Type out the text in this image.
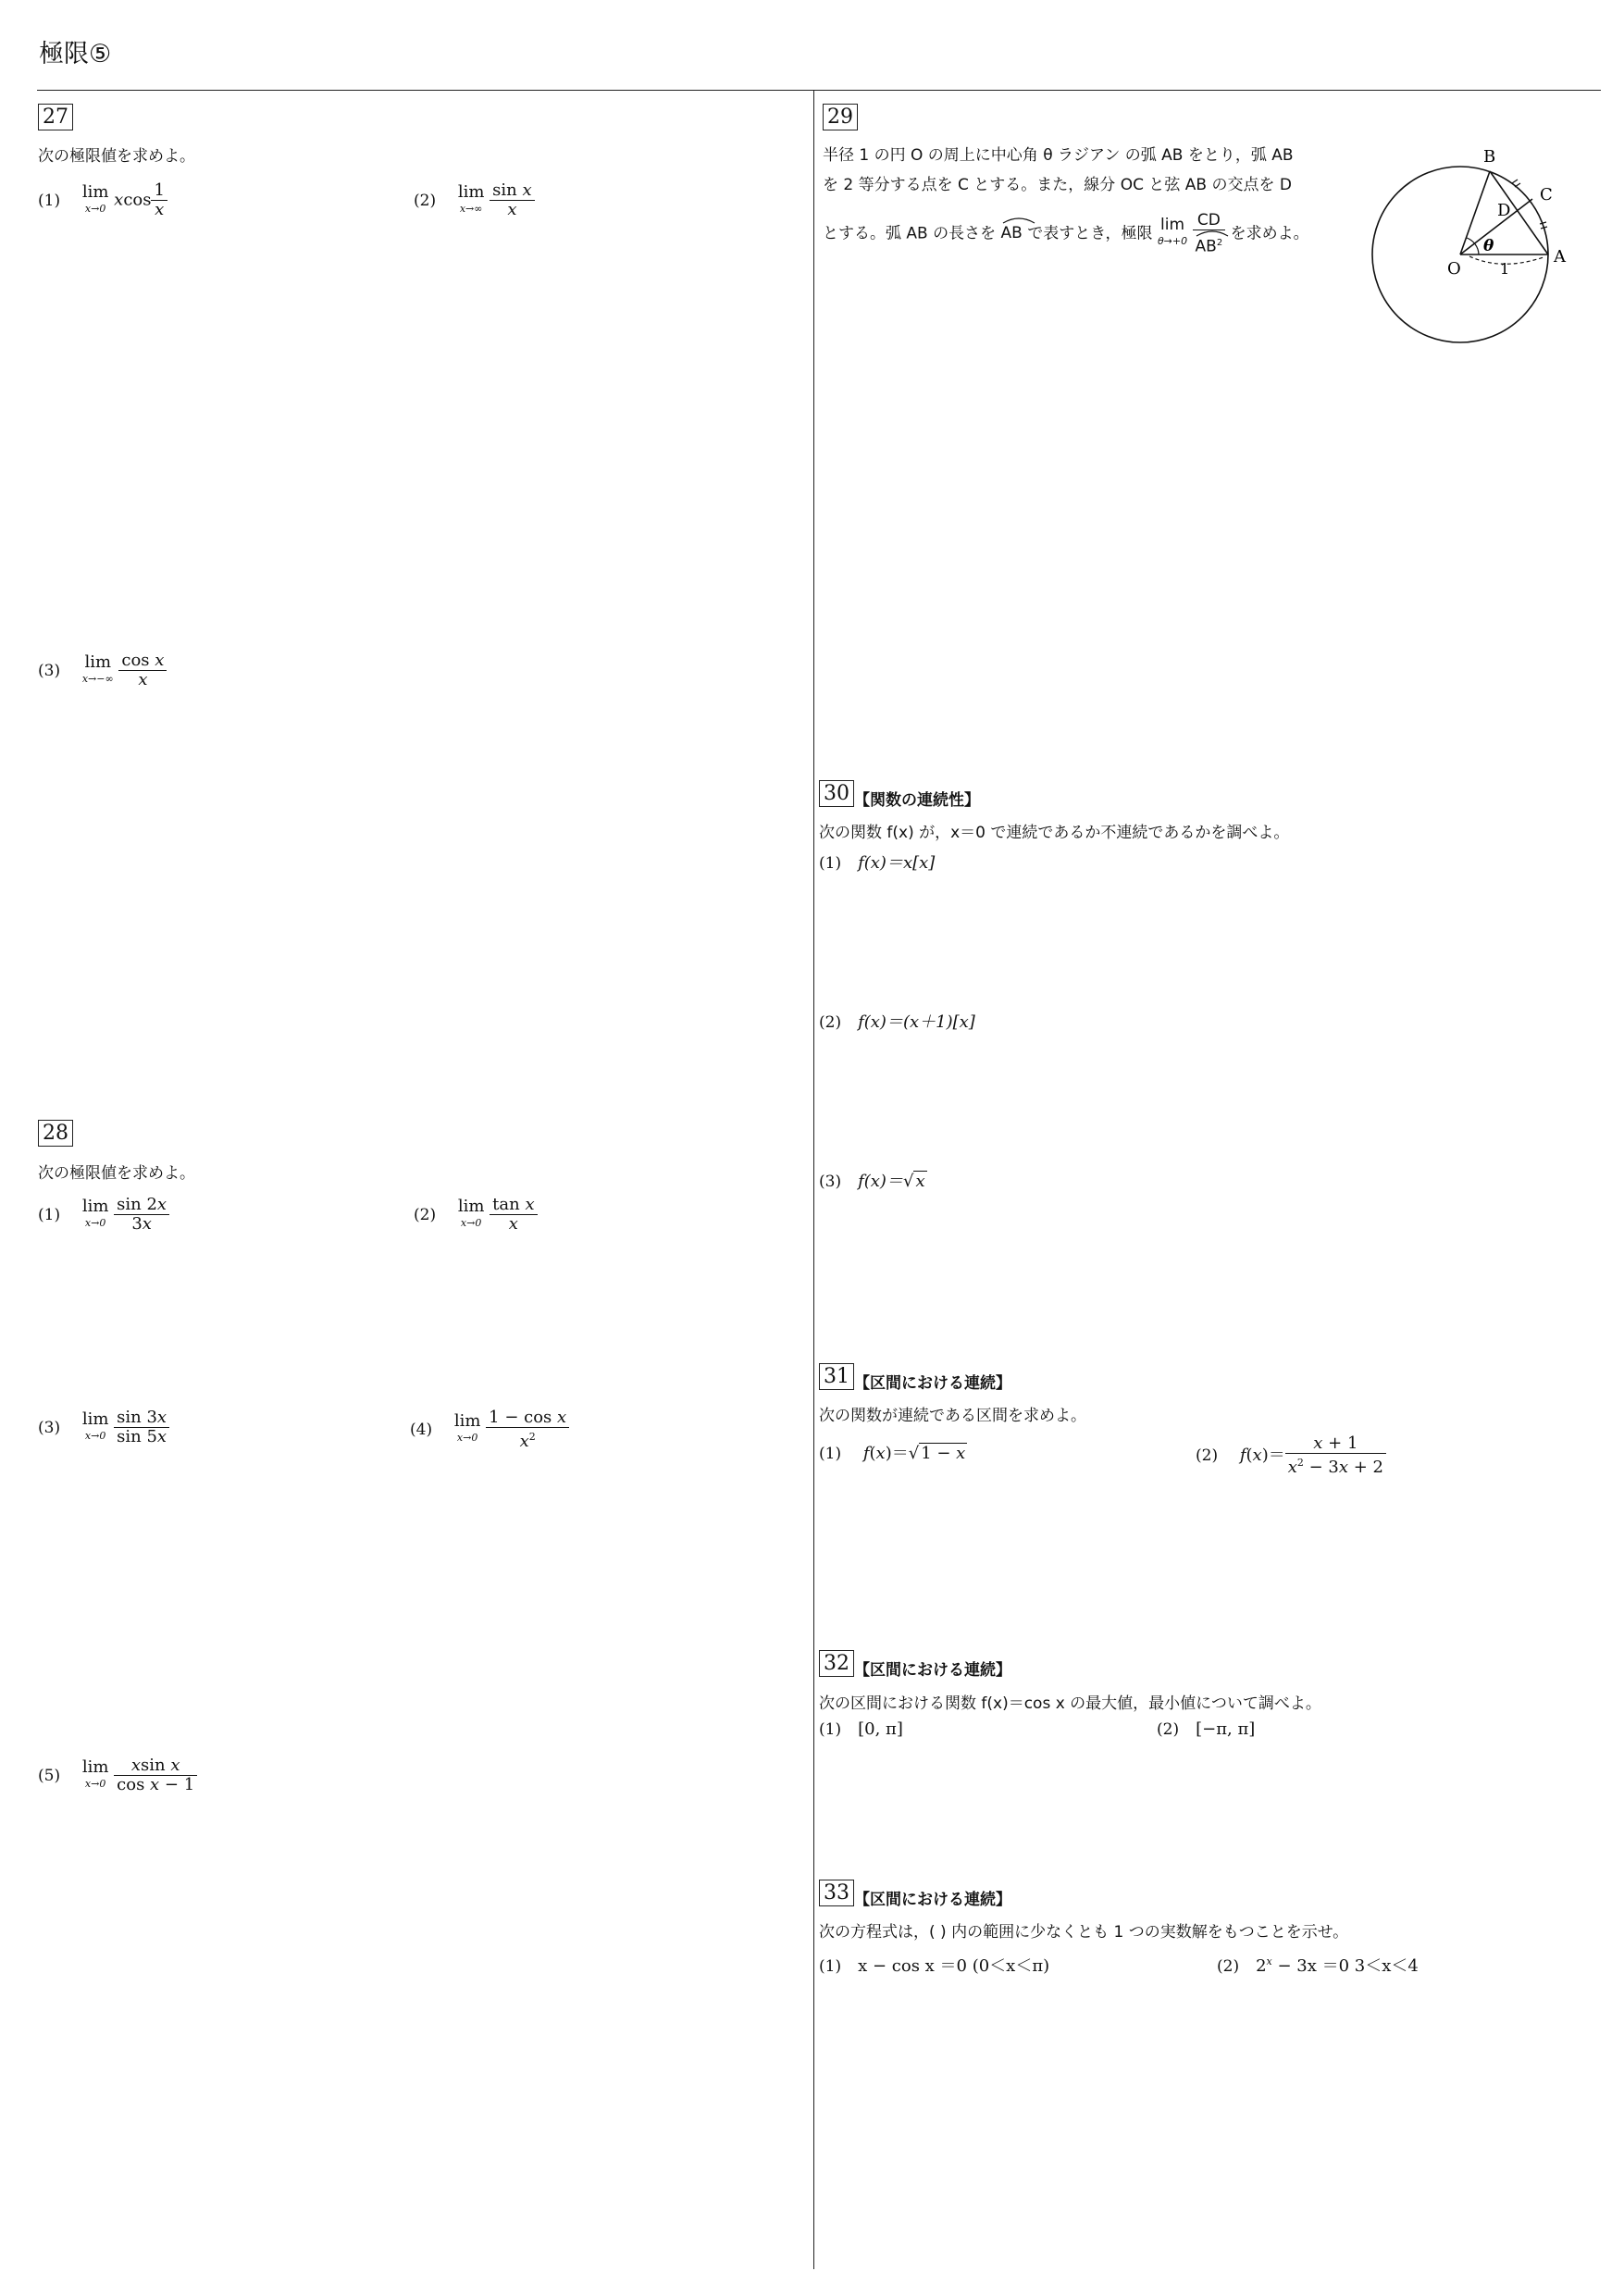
極限⑤
27
次の極限値を求めよ。
(1) lim
x→0 xcos $\frac{1}{x}$	(2) lim
x→∞
$\frac{\text{sin x}}{x}$
(3) lim
x→−∞
$\frac{\text{cos x}}{x}$
28
次の極限値を求めよ。
(1) lim
x→0
$\frac{\sin 2x}{3x}$	(2) lim
x→0
$\frac{\text{tan x}}{x}$
(3) lim
x→0
$\frac{\sin 3x}{\sin 5x}$	(4) lim
x→0
$\frac{\text{1 − cos x}}{x^2}$
(5) lim
x→0
$\frac{\text{xsin x}}{\text{cos x − 1}}$
29
半径 1 の円 O の周上に中心角 θ ラジアン の弧 AB をとり，弧 AB
を 2 等分する点を C とする。また，線分 OC と弦 AB の交点を D
とする。弧 AB の長さを AB で表すとき，極限 lim
θ→+0
$\frac{CD}{AB^2}$ を求めよ。
B
C
D
O
A
θ
1
30 【関数の連続性】
次の関数 f(x) が，x＝0 で連続であるか不連続であるかを調べよ。
(1) f(x)＝x[x]
(2) f(x)＝(x＋1)[x]
(3) f(x)＝√ x
31 【区間における連続】
次の関数が連続である区間を求めよ。
(1) f(x)＝√ 1 − x	(2) $f(x)= \frac{x + 1}{x^2 - 3x + 2}$
32 【区間における連続】
次の区間における関数 f(x)＝cos x の最大値，最小値について調べよ。
(1) [0, π]	(2) [−π, π]
33 【区間における連続】
次の方程式は，( ) 内の範囲に少なくとも 1 つの実数解をもつことを示せ。
(1) x − cos x ＝0 (0＜x＜π)	(2) $2^x - 3x =0$ 3＜x＜4
